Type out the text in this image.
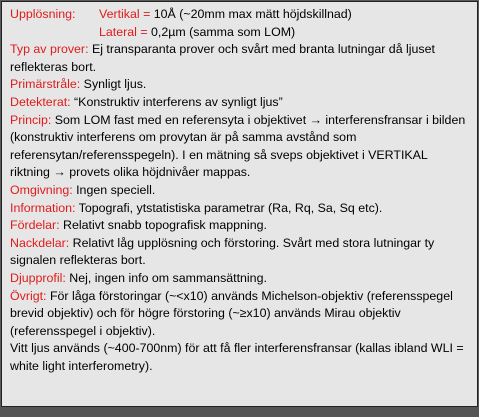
Upplösning:	Vertikal = 10Å (~20mm max mätt höjdskillnad)
Lateral = 0,2µm (samma som LOM)
Typ av prover: Ej transparanta prover och svårt med branta lutningar då ljuset reflekteras bort.
Primärstråle: Synligt ljus.
Detekterat: “Konstruktiv interferens av synligt ljus”
Princip: Som LOM fast med en referensyta i objektivet → interferensfransar i bilden (konstruktiv interferens om provytan är på samma avstånd som referensytan/referensspegeln). I en mätning så sveps objektivet i VERTIKAL riktning → provets olika höjdnivåer mappas.
Omgivning: Ingen speciell.
Information: Topografi, ytstatistiska parametrar (Ra, Rq, Sa, Sq etc).
Fördelar: Relativt snabb topografisk mappning.
Nackdelar: Relativt låg upplösning och förstoring. Svårt med stora lutningar ty signalen reflekteras bort.
Djupprofil: Nej, ingen info om sammansättning.
Övrigt: För låga förstoringar (~<x10) används Michelson-objektiv (referensspegel brevid objektiv) och för högre förstoring (~≥x10) används Mirau objektiv (referensspegel i objektiv).
Vitt ljus används (~400-700nm) för att få fler interferensfransar (kallas ibland WLI = white light interferometry).
